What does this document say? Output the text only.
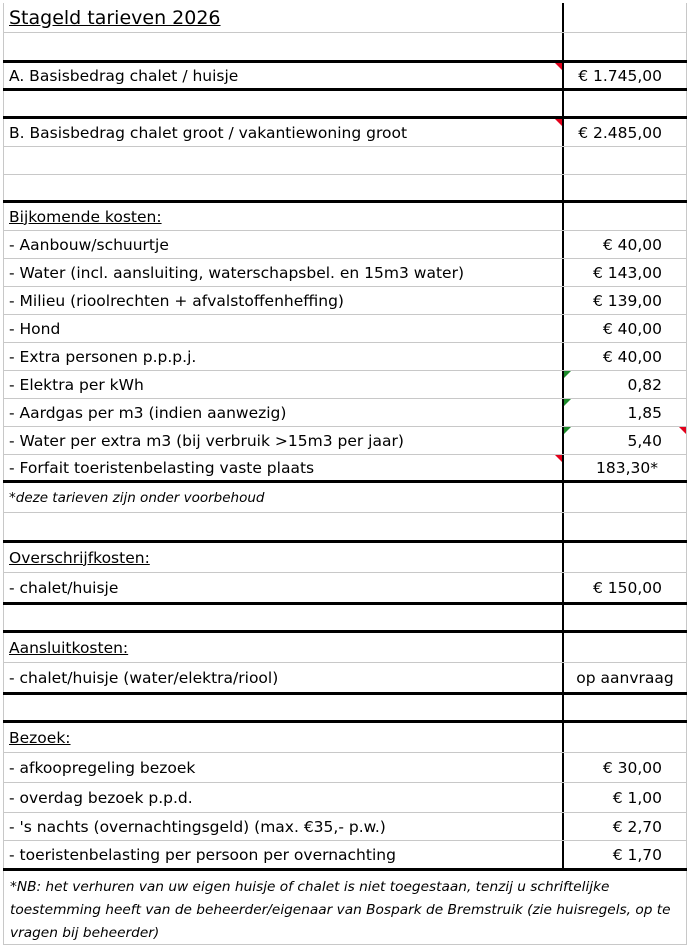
Stageld tarieven 2026
A. Basisbedrag chalet / huisje	€ 1.745,00
B. Basisbedrag chalet groot / vakantiewoning groot	€ 2.485,00
Bijkomende kosten:
- Aanbouw/schuurtje	€ 40,00
- Water (incl. aansluiting, waterschapsbel. en 15m3 water)	€ 143,00
- Milieu (rioolrechten + afvalstoffenheffing)	€ 139,00
- Hond	€ 40,00
- Extra personen p.p.p.j.	€ 40,00
- Elektra per kWh	0,82
- Aardgas per m3 (indien aanwezig)	1,85
- Water per extra m3 (bij verbruik >15m3 per jaar)	5,40
- Forfait toeristenbelasting vaste plaats	183,30*
*deze tarieven zijn onder voorbehoud
Overschrijfkosten:
- chalet/huisje	€ 150,00
Aansluitkosten:
- chalet/huisje (water/elektra/riool)	op aanvraag
Bezoek:
- afkoopregeling bezoek	€ 30,00
- overdag bezoek p.p.d.	€ 1,00
- 's nachts (overnachtingsgeld) (max. €35,- p.w.)	€ 2,70
- toeristenbelasting per persoon per overnachting	€ 1,70
*NB: het verhuren van uw eigen huisje of chalet is niet toegestaan, tenzij u schriftelijke toestemming heeft van de beheerder/eigenaar van Bospark de Bremstruik (zie huisregels, op te vragen bij beheerder)
